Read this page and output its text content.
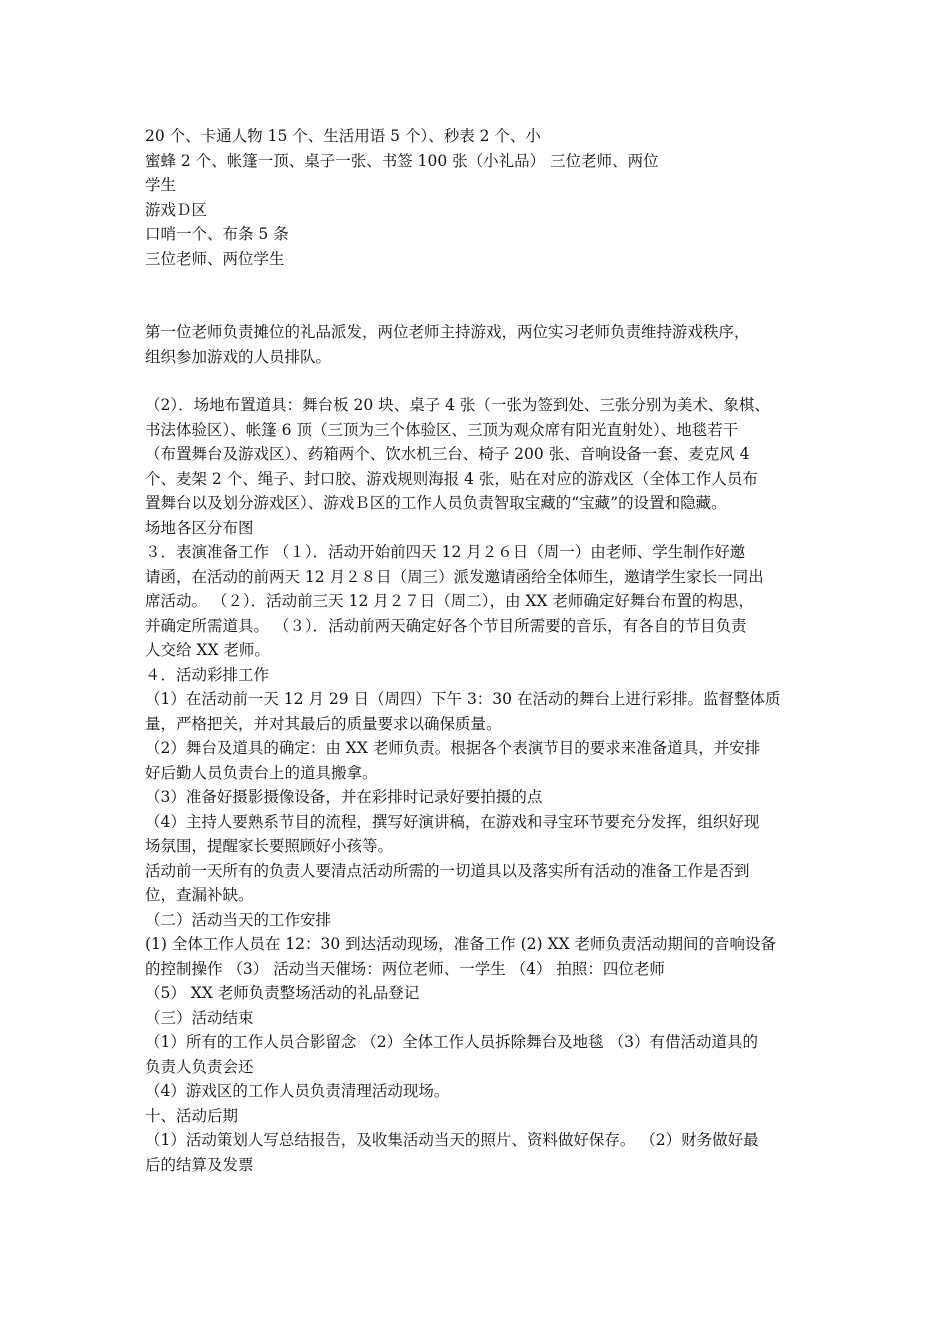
20 个、卡通人物 15 个、生活用语 5 个）、秒表 2 个、小

蜜蜂 2 个、帐篷一顶、桌子一张、书签 100 张（小礼品） 三位老师、两位

学生

游戏Ｄ区

口哨一个、布条 5 条

三位老师、两位学生

第一位老师负责摊位的礼品派发，两位老师主持游戏，两位实习老师负责维持游戏秩序，

组织参加游戏的人员排队。

（2）．场地布置道具：舞台板 20 块、桌子 4 张（一张为签到处、三张分别为美术、象棋、

书法体验区）、帐篷 6 顶（三顶为三个体验区、三顶为观众席有阳光直射处）、地毯若干

（布置舞台及游戏区）、药箱两个、饮水机三台、椅子 200 张、音响设备一套、麦克风 4

个、麦架 2 个、绳子、封口胶、游戏规则海报 4 张，贴在对应的游戏区（全体工作人员布

置舞台以及划分游戏区）、游戏Ｂ区的工作人员负责智取宝藏的“宝藏”的设置和隐藏。

场地各区分布图

３．表演准备工作 （１）．活动开始前四天 12 月２６日（周一）由老师、学生制作好邀

请函，在活动的前两天 12 月２８日（周三）派发邀请函给全体师生，邀请学生家长一同出

席活动。 （２）．活动前三天 12 月２７日（周二），由 XX 老师确定好舞台布置的构思，

并确定所需道具。 （３）．活动前两天确定好各个节目所需要的音乐，有各自的节目负责

人交给 XX 老师。

４．活动彩排工作

（1）在活动前一天 12 月 29 日（周四）下午 3：30 在活动的舞台上进行彩排。监督整体质

量，严格把关，并对其最后的质量要求以确保质量。

（2）舞台及道具的确定：由 XX 老师负责。根据各个表演节目的要求来准备道具，并安排

好后勤人员负责台上的道具搬拿。

（3）准备好摄影摄像设备，并在彩排时记录好要拍摄的点

（4）主持人要熟系节目的流程，撰写好演讲稿，在游戏和寻宝环节要充分发挥，组织好现

场氛围，提醒家长要照顾好小孩等。

活动前一天所有的负责人要清点活动所需的一切道具以及落实所有活动的准备工作是否到

位，查漏补缺。

（二）活动当天的工作安排

(1) 全体工作人员在 12：30 到达活动现场，准备工作 (2) XX 老师负责活动期间的音响设备

的控制操作 （3） 活动当天催场：两位老师、一学生 （4） 拍照：四位老师

（5） XX 老师负责整场活动的礼品登记

（三）活动结束

（1）所有的工作人员合影留念 （2）全体工作人员拆除舞台及地毯 （3）有借活动道具的

负责人负责会还

（4）游戏区的工作人员负责清理活动现场。

十、活动后期

（1）活动策划人写总结报告，及收集活动当天的照片、资料做好保存。 （2）财务做好最

后的结算及发票
